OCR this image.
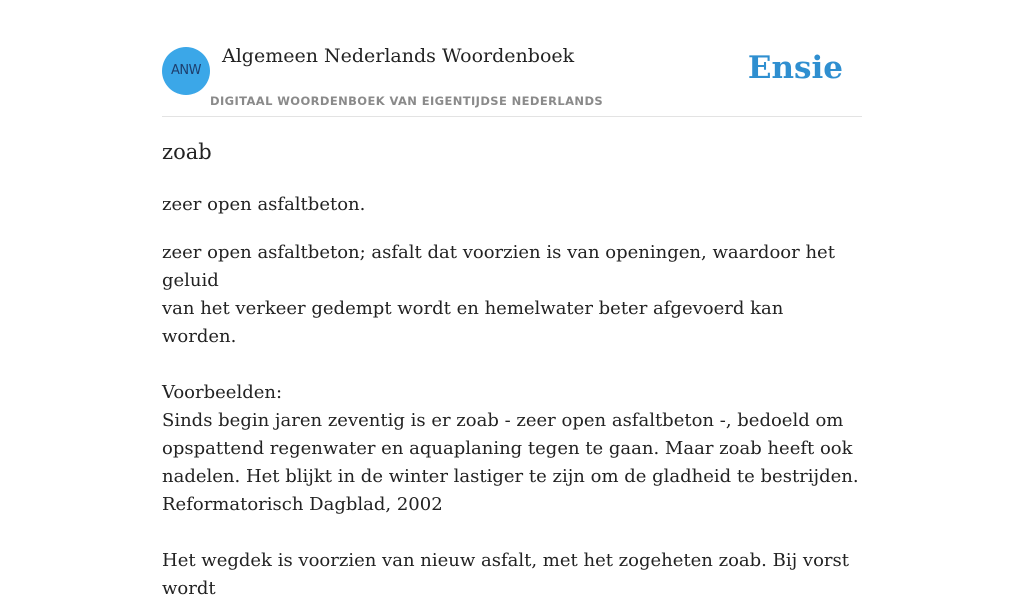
ANW
Algemeen Nederlands Woordenboek
DIGITAAL WOORDENBOEK VAN EIGENTIJDSE NEDERLANDS
Ensie
zoab
zeer open asfaltbeton.

zeer open asfaltbeton; asfalt dat voorzien is van openingen, waardoor het geluid

van het verkeer gedempt wordt en hemelwater beter afgevoerd kan worden.

Voorbeelden:

Sinds begin jaren zeventig is er zoab - zeer open asfaltbeton -, bedoeld om

opspattend regenwater en aquaplaning tegen te gaan. Maar zoab heeft ook

nadelen. Het blijkt in de winter lastiger te zijn om de gladheid te bestrijden.

Reformatorisch Dagblad, 2002

Het wegdek is voorzien van nieuw asfalt, met het zogeheten zoab. Bij vorst wordt
